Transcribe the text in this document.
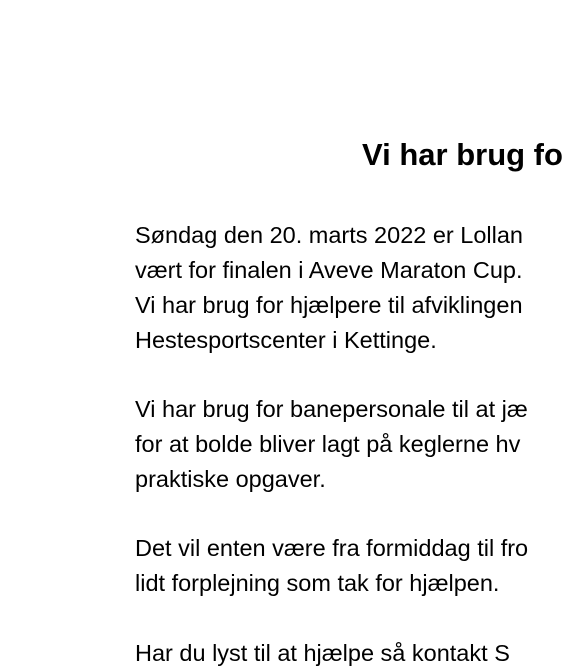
Vi har brug fo

Søndag den 20. marts 2022 er Lollan
vært for finalen i Aveve Maraton Cup.
Vi har brug for hjælpere til afviklingen
Hestesportscenter i Kettinge.

Vi har brug for banepersonale til at jæ
for at bolde bliver lagt på keglerne hv
praktiske opgaver.

Det vil enten være fra formiddag til fro
lidt forplejning som tak for hjælpen.

Har du lyst til at hjælpe så kontakt S
